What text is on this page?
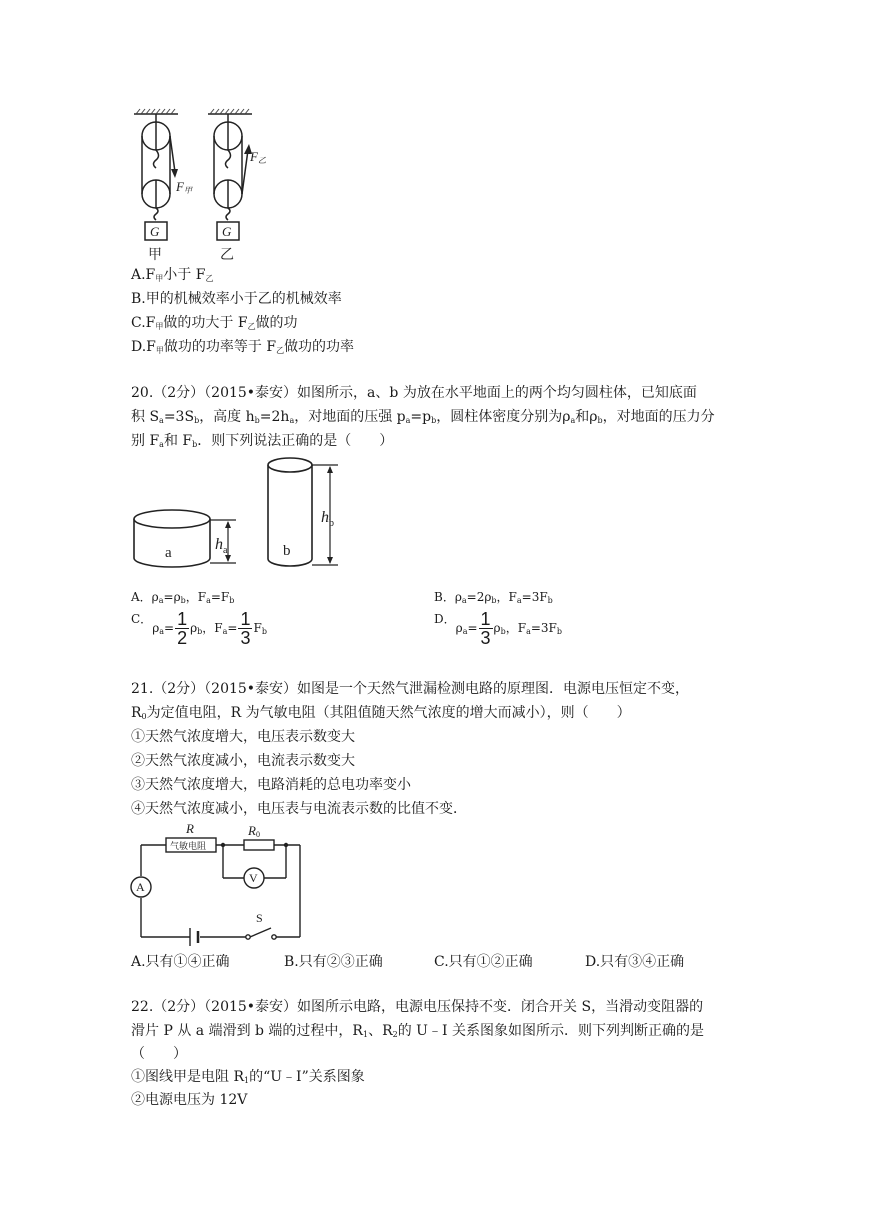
F甲
G
甲
F乙
G
乙
$A.F_甲$小于 $F_乙$
B.甲的机械效率小于乙的机械效率
$C.F_甲$做的功大于 $F_乙$做的功
$D.F_甲$做功的功率等于 $F_乙$做功的功率
20.（2分）（2015•泰安）如图所示，a、b 为放在水平地面上的两个均匀圆柱体，已知底面
积 $S_a=3S_b$，高度 $h_b=2h_a$，对地面的压强 $p_a=p_b$，圆柱体密度分别为$\rho_a$和$\rho_b$，对地面的压力分
别 $F_a$和 $F_b$．则下列说法正确的是（　　）
a	b
$h_a$
$h_b$
A．$\rho_a=\rho_b$，$F_a=F_b$	B．$\rho_a=2\rho_b$，$F_a=3F_b$
C．$\rho_a= \frac{1}{2} \rho_b$，$F_a= \frac{1}{3} F_b$
D．$\rho_a= \frac{1}{3} \rho_b$，$F_a=3F_b$
21.（2分）（2015•泰安）如图是一个天然气泄漏检测电路的原理图．电源电压恒定不变，
$R_0$为定值电阻，R 为气敏电阻（其阻值随天然气浓度的增大而减小），则（　　）
①天然气浓度增大，电压表示数变大
②天然气浓度减小，电流表示数变大
③天然气浓度增大，电路消耗的总电功率变小
④天然气浓度减小，电压表与电流表示数的比值不变．
R	R0
气敏电阻
A
V
S
A.只有①④正确	B.只有②③正确	C.只有①②正确	D.只有③④正确
22.（2分）（2015•泰安）如图所示电路，电源电压保持不变．闭合开关 S，当滑动变阻器的
滑片 P 从 a 端滑到 b 端的过程中，$R_1$、$R_2$的 U﹣I 关系图象如图所示．则下列判断正确的是
（　　）
①图线甲是电阻 $R_1$的“U﹣I”关系图象
②电源电压为 12V
